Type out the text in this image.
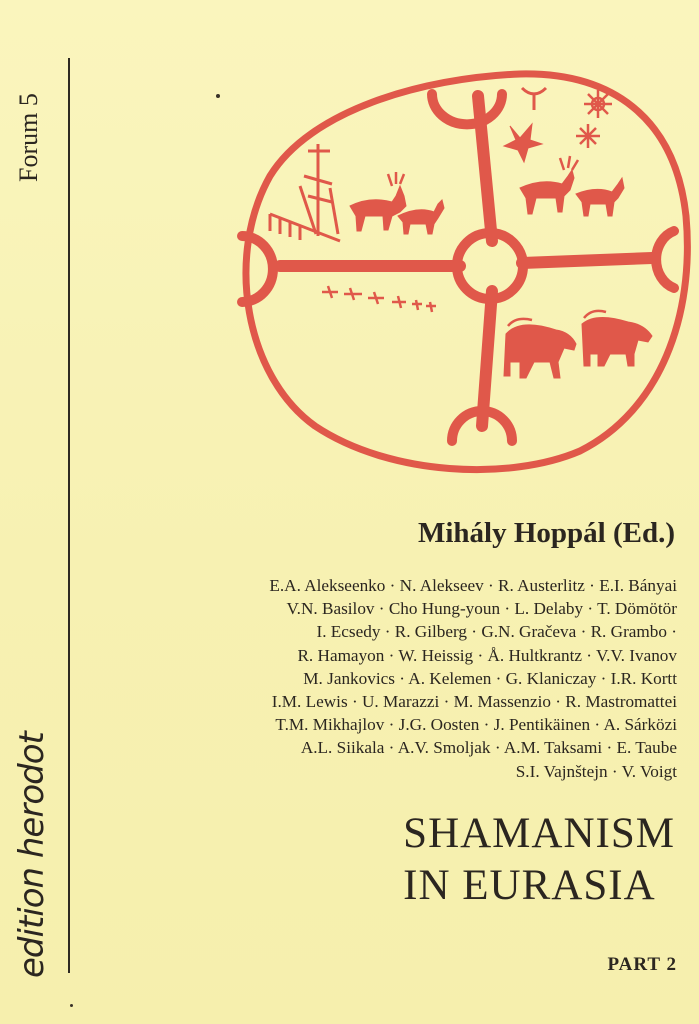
Forum 5
edition herodot
Mihály Hoppál (Ed.)
E.A. Alekseenko · N. Alekseev · R. Austerlitz · E.I. Bányai
V.N. Basilov · Cho Hung-youn · L. Delaby · T. Dömötör
I. Ecsedy · R. Gilberg · G.N. Gračeva · R. Grambo ·
R. Hamayon · W. Heissig · Å. Hultkrantz · V.V. Ivanov
M. Jankovics · A. Kelemen · G. Klaniczay · I.R. Kortt
I.M. Lewis · U. Marazzi · M. Massenzio · R. Mastromattei
T.M. Mikhajlov · J.G. Oosten · J. Pentikäinen · A. Sárközi
A.L. Siikala · A.V. Smoljak · A.M. Taksami · E. Taube
S.I. Vajnštejn · V. Voigt
SHAMANISM
IN EURASIA
PART 2
